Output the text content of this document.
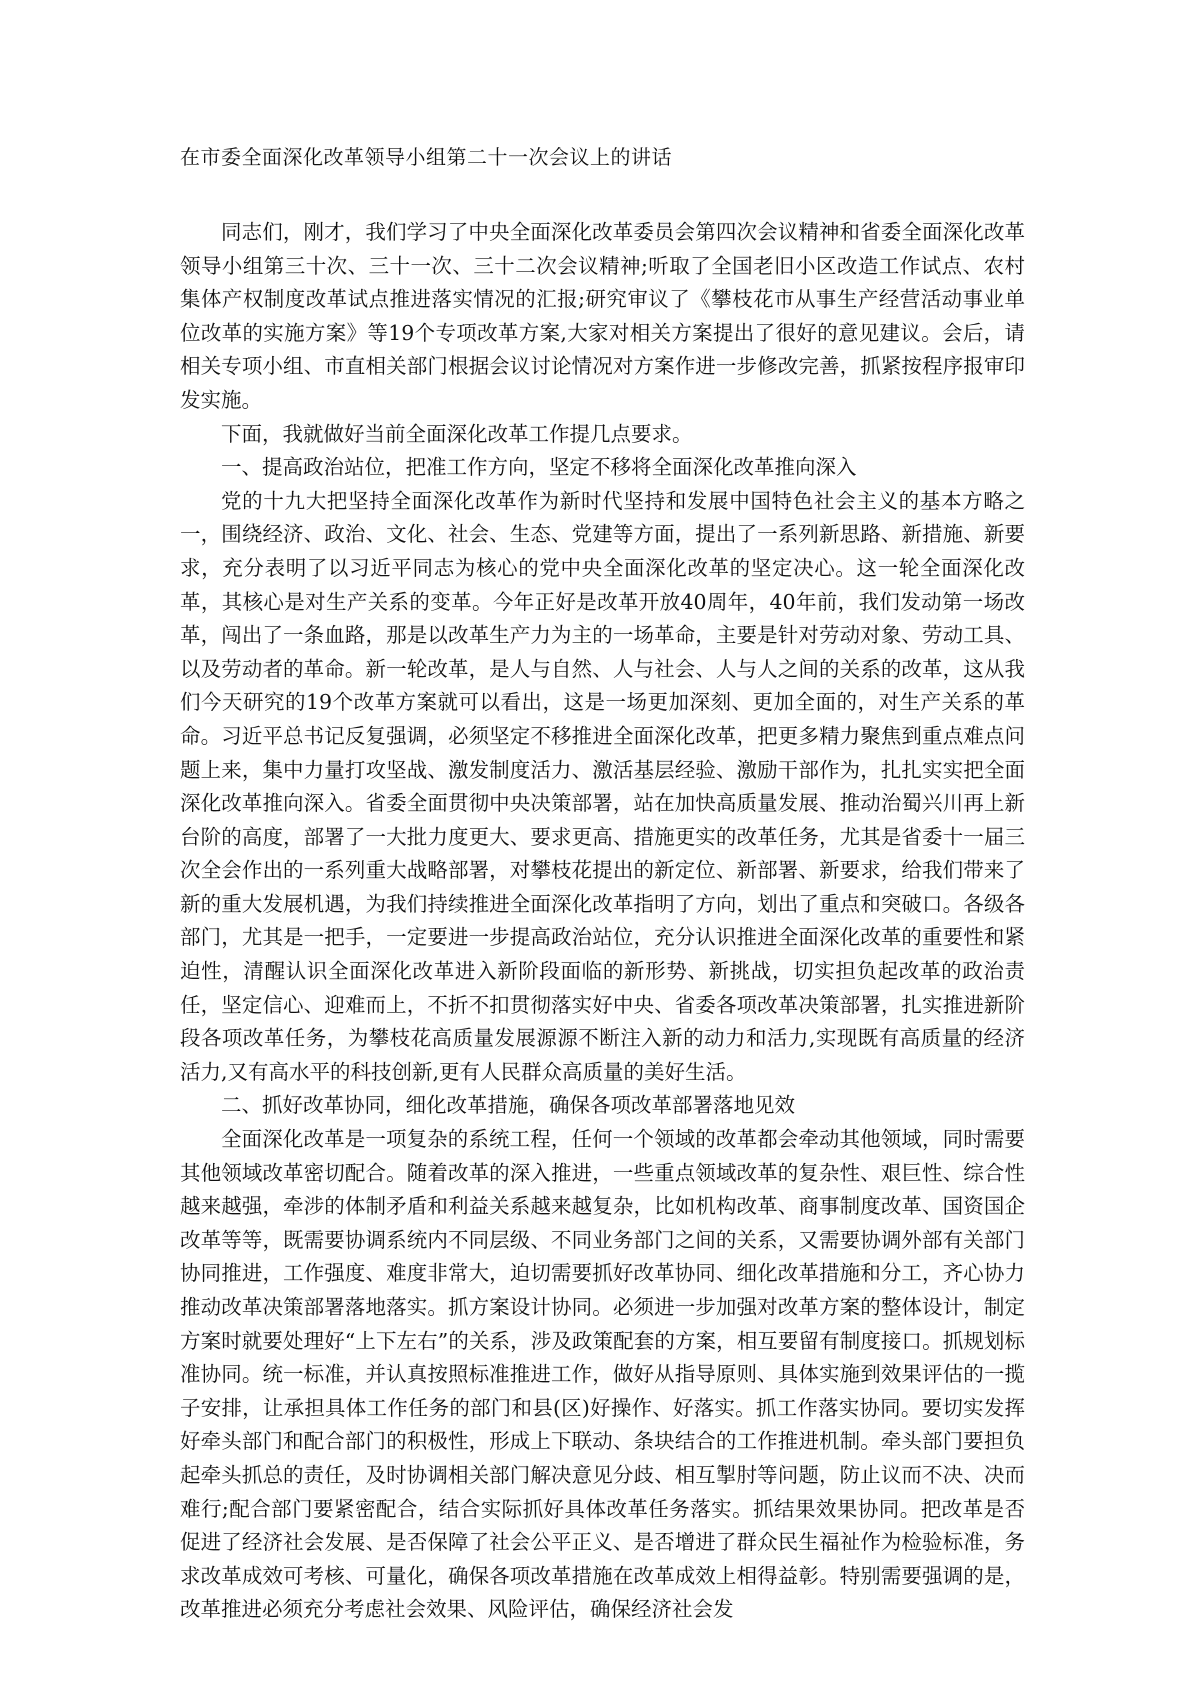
在市委全面深化改革领导小组第二十一次会议上的讲话

同志们，刚才，我们学习了中央全面深化改革委员会第四次会议精神和省委全面深化改革领导小组第三十次、三十一次、三十二次会议精神;听取了全国老旧小区改造工作试点、农村集体产权制度改革试点推进落实情况的汇报;研究审议了《攀枝花市从事生产经营活动事业单位改革的实施方案》等19个专项改革方案,大家对相关方案提出了很好的意见建议。会后，请相关专项小组、市直相关部门根据会议讨论情况对方案作进一步修改完善，抓紧按程序报审印发实施。

下面，我就做好当前全面深化改革工作提几点要求。

一、提高政治站位，把准工作方向，坚定不移将全面深化改革推向深入

党的十九大把坚持全面深化改革作为新时代坚持和发展中国特色社会主义的基本方略之一，围绕经济、政治、文化、社会、生态、党建等方面，提出了一系列新思路、新措施、新要求，充分表明了以习近平同志为核心的党中央全面深化改革的坚定决心。这一轮全面深化改革，其核心是对生产关系的变革。今年正好是改革开放40周年，40年前，我们发动第一场改革，闯出了一条血路，那是以改革生产力为主的一场革命，主要是针对劳动对象、劳动工具、以及劳动者的革命。新一轮改革，是人与自然、人与社会、人与人之间的关系的改革，这从我们今天研究的19个改革方案就可以看出，这是一场更加深刻、更加全面的，对生产关系的革命。习近平总书记反复强调，必须坚定不移推进全面深化改革，把更多精力聚焦到重点难点问题上来，集中力量打攻坚战、激发制度活力、激活基层经验、激励干部作为，扎扎实实把全面深化改革推向深入。省委全面贯彻中央决策部署，站在加快高质量发展、推动治蜀兴川再上新台阶的高度，部署了一大批力度更大、要求更高、措施更实的改革任务，尤其是省委十一届三次全会作出的一系列重大战略部署，对攀枝花提出的新定位、新部署、新要求，给我们带来了新的重大发展机遇，为我们持续推进全面深化改革指明了方向，划出了重点和突破口。各级各部门，尤其是一把手，一定要进一步提高政治站位，充分认识推进全面深化改革的重要性和紧迫性，清醒认识全面深化改革进入新阶段面临的新形势、新挑战，切实担负起改革的政治责任，坚定信心、迎难而上，不折不扣贯彻落实好中央、省委各项改革决策部署，扎实推进新阶段各项改革任务，为攀枝花高质量发展源源不断注入新的动力和活力,实现既有高质量的经济活力,又有高水平的科技创新,更有人民群众高质量的美好生活。

二、抓好改革协同，细化改革措施，确保各项改革部署落地见效

全面深化改革是一项复杂的系统工程，任何一个领域的改革都会牵动其他领域，同时需要其他领域改革密切配合。随着改革的深入推进，一些重点领域改革的复杂性、艰巨性、综合性越来越强，牵涉的体制矛盾和利益关系越来越复杂，比如机构改革、商事制度改革、国资国企改革等等，既需要协调系统内不同层级、不同业务部门之间的关系，又需要协调外部有关部门协同推进，工作强度、难度非常大，迫切需要抓好改革协同、细化改革措施和分工，齐心协力推动改革决策部署落地落实。抓方案设计协同。必须进一步加强对改革方案的整体设计，制定方案时就要处理好“上下左右”的关系，涉及政策配套的方案，相互要留有制度接口。抓规划标准协同。统一标准，并认真按照标准推进工作，做好从指导原则、具体实施到效果评估的一揽子安排，让承担具体工作任务的部门和县(区)好操作、好落实。抓工作落实协同。要切实发挥好牵头部门和配合部门的积极性，形成上下联动、条块结合的工作推进机制。牵头部门要担负起牵头抓总的责任，及时协调相关部门解决意见分歧、相互掣肘等问题，防止议而不决、决而难行;配合部门要紧密配合，结合实际抓好具体改革任务落实。抓结果效果协同。把改革是否促进了经济社会发展、是否保障了社会公平正义、是否增进了群众民生福祉作为检验标准，务求改革成效可考核、可量化，确保各项改革措施在改革成效上相得益彰。特别需要强调的是，改革推进必须充分考虑社会效果、风险评估，确保经济社会发
